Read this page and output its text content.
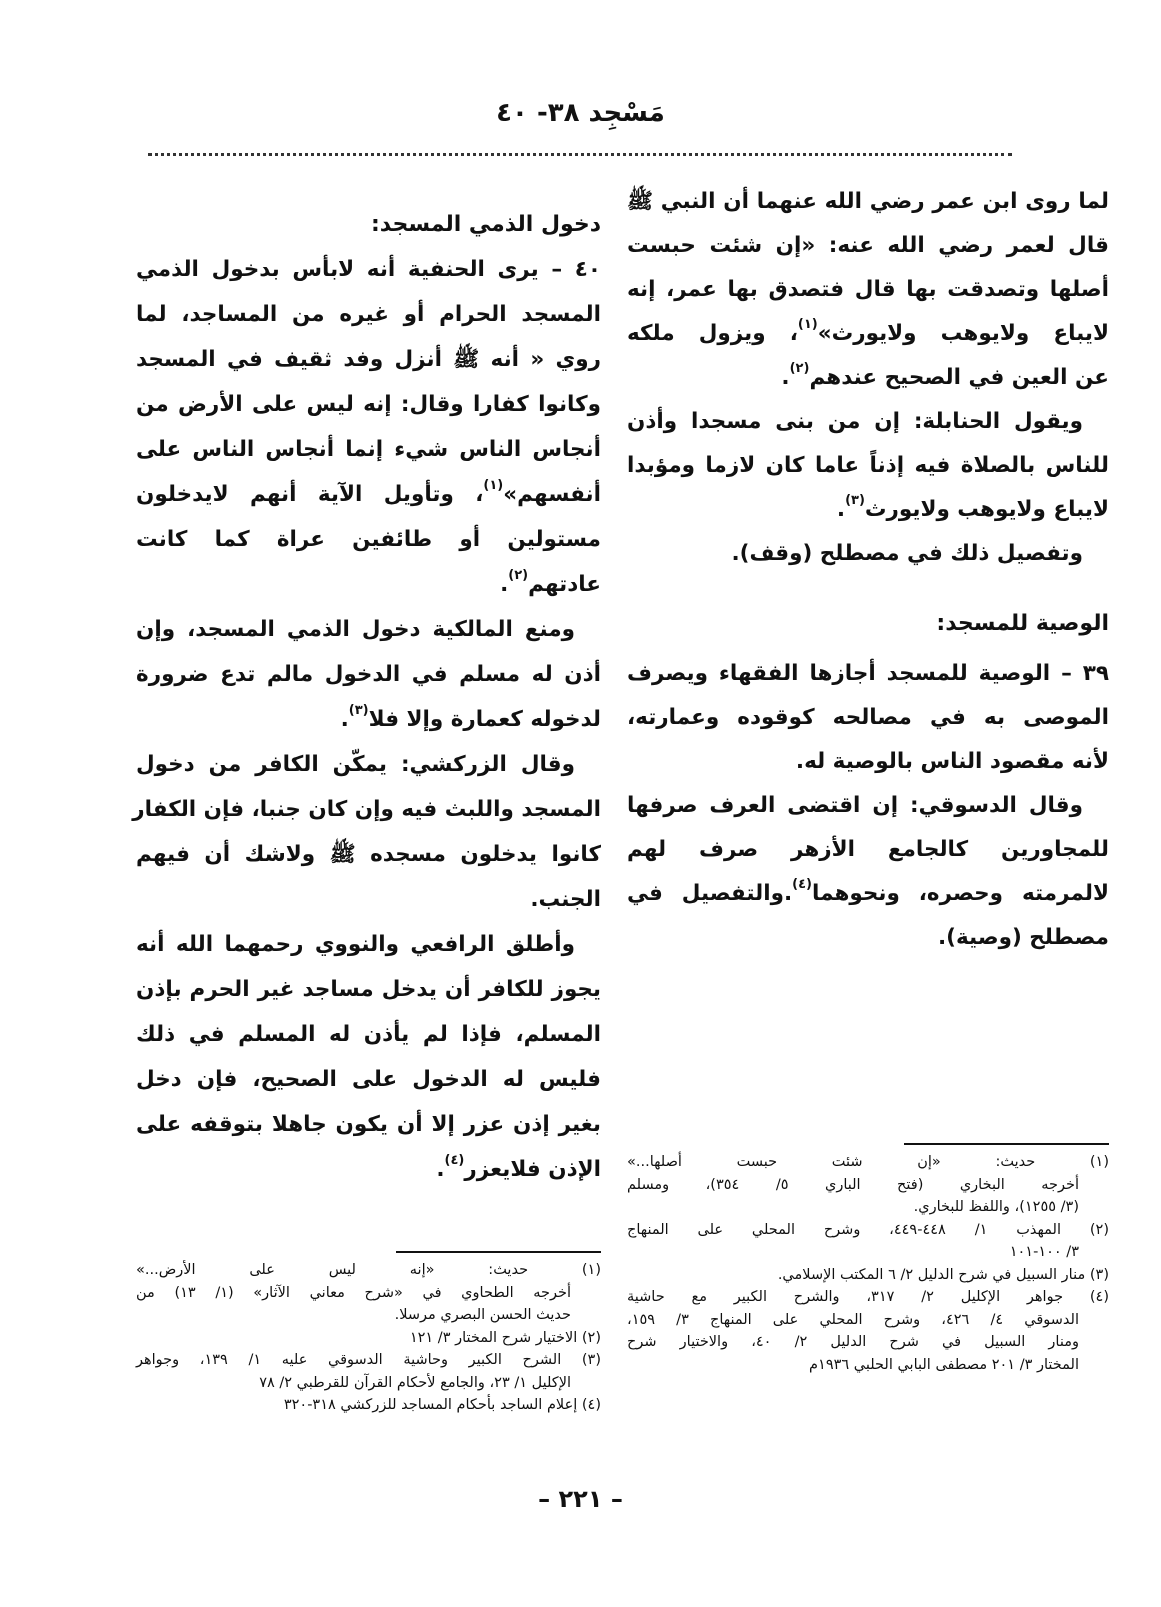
مَسْجِد ٣٨- ٤٠
لما روى ابن عمر رضي الله عنهما أن النبي ﷺ
قال لعمر رضي الله عنه: «إن شئت حبست
أصلها وتصدقت بها قال فتصدق بها عمر، إنه
لايباع ولايوهب ولايورث»$^{(١)}$، ويزول ملكه
عن العين في الصحيح عندهم$^{(٢)}$.
ويقول الحنابلة: إن من بنى مسجدا وأذن
للناس بالصلاة فيه إذناً عاما كان لازما ومؤبدا
لايباع ولايوهب ولايورث$^{(٣)}$.
وتفصيل ذلك في مصطلح (وقف).
الوصية للمسجد:
٣٩ – الوصية للمسجد أجازها الفقهاء ويصرف
الموصى به في مصالحه كوقوده وعمارته،
لأنه مقصود الناس بالوصية له.
وقال الدسوقي: إن اقتضى العرف صرفها
للمجاورين كالجامع الأزهر صرف لهم
لالمرمته وحصره، ونحوهما$^{(٤)}$.والتفصيل في
مصطلح (وصية).
دخول الذمي المسجد:
٤٠ – يرى الحنفية أنه لابأس بدخول الذمي
المسجد الحرام أو غيره من المساجد، لما
روي « أنه ﷺ أنزل وفد ثقيف في المسجد
وكانوا كفارا وقال: إنه ليس على الأرض من
أنجاس الناس شيء إنما أنجاس الناس على
أنفسهم»$^{(١)}$، وتأويل الآية أنهم لايدخلون
مستولين أو طائفين عراة كما كانت
عادتهم$^{(٢)}$.
ومنع المالكية دخول الذمي المسجد، وإن
أذن له مسلم في الدخول مالم تدع ضرورة
لدخوله كعمارة وإلا فلا$^{(٣)}$.
وقال الزركشي: يمكّن الكافر من دخول
المسجد واللبث فيه وإن كان جنبا، فإن الكفار
كانوا يدخلون مسجده ﷺ ولاشك أن فيهم
الجنب.
وأطلق الرافعي والنووي رحمهما الله أنه
يجوز للكافر أن يدخل مساجد غير الحرم بإذن
المسلم، فإذا لم يأذن له المسلم في ذلك
فليس له الدخول على الصحيح، فإن دخل
بغير إذن عزر إلا أن يكون جاهلا بتوقفه على
الإذن فلايعزر$^{(٤)}$.	(١) حديث: «إن شئت حبست أصلها...»
أخرجه البخاري (فتح الباري ٥/ ٣٥٤)، ومسلم
(٣/ ١٢٥٥)، واللفظ للبخاري.
(٢) المهذب ١/ ٤٤٨-٤٤٩، وشرح المحلي على المنهاج
٣/ ١٠٠-١٠١
(٣) منار السبيل في شرح الدليل ٢/ ٦ المكتب الإسلامي.
(٤) جواهر الإكليل ٢/ ٣١٧، والشرح الكبير مع حاشية
الدسوقي ٤/ ٤٢٦، وشرح المحلي على المنهاج ٣/ ١٥٩،
ومنار السبيل في شرح الدليل ٢/ ٤٠، والاختيار شرح
المختار ٣/ ٢٠١ مصطفى البابي الحلبي ١٩٣٦م
(١) حديث: «إنه ليس على الأرض...»
أخرجه الطحاوي في «شرح معاني الآثار» (١/ ١٣) من
حديث الحسن البصري مرسلا.
(٢) الاختيار شرح المختار ٣/ ١٢١
(٣) الشرح الكبير وحاشية الدسوقي عليه ١/ ١٣٩، وجواهر
الإكليل ١/ ٢٣، والجامع لأحكام القرآن للقرطبي ٢/ ٧٨
(٤) إعلام الساجد بأحكام المساجد للزركشي ٣١٨-٣٢٠
– ٢٢١ –
